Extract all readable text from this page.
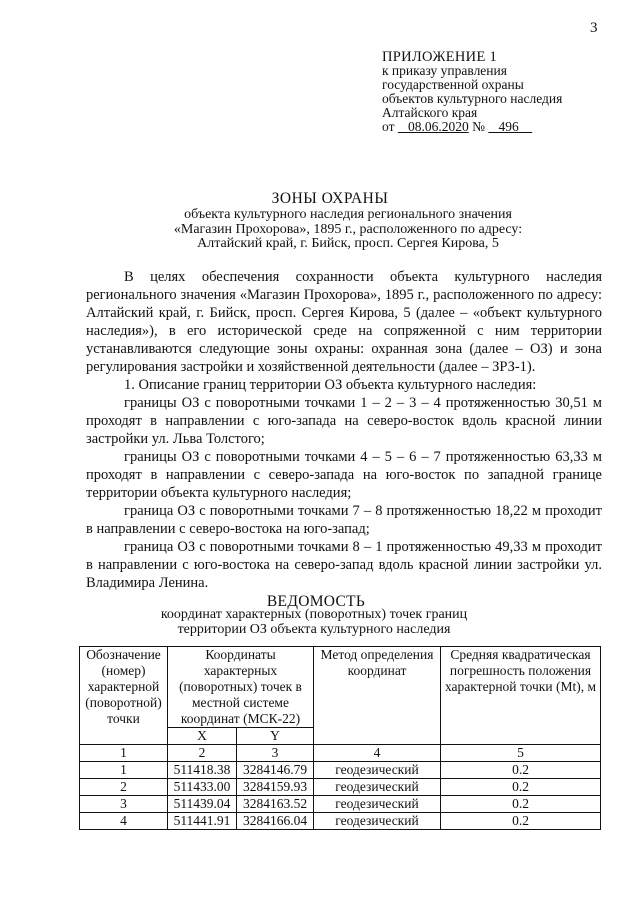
3
ПРИЛОЖЕНИЕ 1
к приказу управления
государственной охраны
объектов культурного наследия
Алтайского края
от 08.06.2020 № 496
ЗОНЫ ОХРАНЫ
объекта культурного наследия регионального значения
«Магазин Прохорова», 1895 г., расположенного по адресу:
Алтайский край, г. Бийск, просп. Сергея Кирова, 5

В целях обеспечения сохранности объекта культурного наследия регионального значения «Магазин Прохорова», 1895 г., расположенного по адресу: Алтайский край, г. Бийск, просп. Сергея Кирова, 5 (далее – «объект культурного наследия»), в его исторической среде на сопряженной с ним территории устанавливаются следующие зоны охраны: охранная зона (далее – ОЗ) и зона регулирования застройки и хозяйственной деятельности (далее – ЗРЗ-1).

1. Описание границ территории ОЗ объекта культурного наследия:

границы ОЗ с поворотными точками 1 – 2 – 3 – 4 протяженностью 30,51 м проходят в направлении с юго-запада на северо-восток вдоль красной линии застройки ул. Льва Толстого;

границы ОЗ с поворотными точками 4 – 5 – 6 – 7 протяженностью 63,33 м проходят в направлении с северо-запада на юго-восток по западной границе территории объекта культурного наследия;

граница ОЗ с поворотными точками 7 – 8 протяженностью 18,22 м проходит в направлении с северо-востока на юго-запад;

граница ОЗ с поворотными точками 8 – 1 протяженностью 49,33 м проходит в направлении с юго-востока на северо-запад вдоль красной линии застройки ул. Владимира Ленина.

ВЕДОМОСТЬ
координат характерных (поворотных) точек границ
территории ОЗ объекта культурного наследия
Обозначение (номер) характерной (поворотной) точки	Координаты характерных (поворотных) точек в местной системе координат (МСК-22)		Метод определения координат	Средняя квадратическая погрешность положения характерной точки (Mt), м
	X	Y		
1	2	3	4	5
1	511418.38	3284146.79	геодезический	0.2
2	511433.00	3284159.93	геодезический	0.2
3	511439.04	3284163.52	геодезический	0.2
4	511441.91	3284166.04	геодезический	0.2
